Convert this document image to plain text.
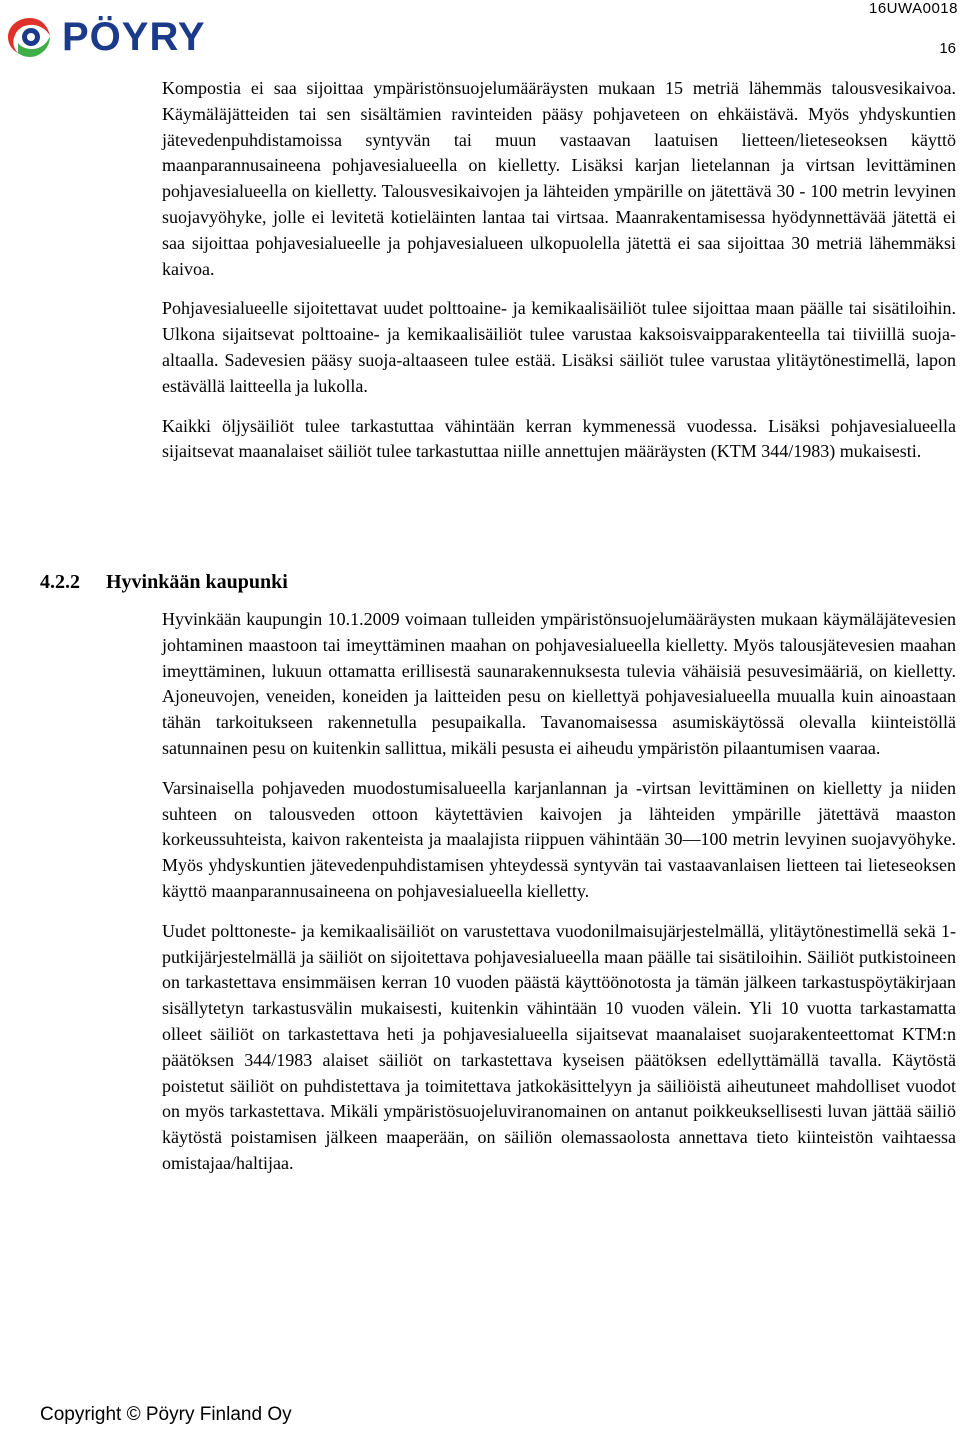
PÖYRY
16UWA0018
16

Kompostia ei saa sijoittaa ympäristönsuojelumääräysten mukaan 15 metriä lähemmäs talousvesikaivoa. Käymäläjätteiden tai sen sisältämien ravinteiden pääsy pohjaveteen on ehkäistävä. Myös yhdyskuntien jätevedenpuhdistamoissa syntyvän tai muun vastaavan laatuisen lietteen/lieteseoksen käyttö maanparannusaineena pohjavesialueella on kielletty. Lisäksi karjan lietelannan ja virtsan levittäminen pohjavesialueella on kielletty. Talousvesikaivojen ja lähteiden ympärille on jätettävä 30 - 100 metrin levyinen suojavyöhyke, jolle ei levitetä kotieläinten lantaa tai virtsaa. Maanrakentamisessa hyödynnettävää jätettä ei saa sijoittaa pohjavesialueelle ja pohjavesialueen ulkopuolella jätettä ei saa sijoittaa 30 metriä lähemmäksi kaivoa.

Pohjavesialueelle sijoitettavat uudet polttoaine- ja kemikaalisäiliöt tulee sijoittaa maan päälle tai sisätiloihin. Ulkona sijaitsevat polttoaine- ja kemikaalisäiliöt tulee varustaa kaksoisvaipparakenteella tai tiiviillä suoja-altaalla. Sadevesien pääsy suoja-altaaseen tulee estää. Lisäksi säiliöt tulee varustaa ylitäytönestimellä, lapon estävällä laitteella ja lukolla.

Kaikki öljysäiliöt tulee tarkastuttaa vähintään kerran kymmenessä vuodessa. Lisäksi pohjavesialueella sijaitsevat maanalaiset säiliöt tulee tarkastuttaa niille annettujen määräysten (KTM 344/1983) mukaisesti.

4.2.2	Hyvinkään kaupunki

Hyvinkään kaupungin 10.1.2009 voimaan tulleiden ympäristönsuojelumääräysten mukaan käymäläjätevesien johtaminen maastoon tai imeyttäminen maahan on pohjavesialueella kielletty. Myös talousjätevesien maahan imeyttäminen, lukuun ottamatta erillisestä saunarakennuksesta tulevia vähäisiä pesuvesimääriä, on kielletty. Ajoneuvojen, veneiden, koneiden ja laitteiden pesu on kiellettyä pohjavesialueella muualla kuin ainoastaan tähän tarkoitukseen rakennetulla pesupaikalla. Tavanomaisessa asumiskäytössä olevalla kiinteistöllä satunnainen pesu on kuitenkin sallittua, mikäli pesusta ei aiheudu ympäristön pilaantumisen vaaraa.

Varsinaisella pohjaveden muodostumisalueella karjanlannan ja -virtsan levittäminen on kielletty ja niiden suhteen on talousveden ottoon käytettävien kaivojen ja lähteiden ympärille jätettävä maaston korkeussuhteista, kaivon rakenteista ja maalajista riippuen vähintään 30—100 metrin levyinen suojavyöhyke. Myös yhdyskuntien jätevedenpuhdistamisen yhteydessä syntyvän tai vastaavanlaisen lietteen tai lieteseoksen käyttö maanparannusaineena on pohjavesialueella kielletty.

Uudet polttoneste- ja kemikaalisäiliöt on varustettava vuodonilmaisujärjestelmällä, ylitäytönestimellä sekä 1-putkijärjestelmällä ja säiliöt on sijoitettava pohjavesialueella maan päälle tai sisätiloihin. Säiliöt putkistoineen on tarkastettava ensimmäisen kerran 10 vuoden päästä käyttöönotosta ja tämän jälkeen tarkastuspöytäkirjaan sisällytetyn tarkastusvälin mukaisesti, kuitenkin vähintään 10 vuoden välein. Yli 10 vuotta tarkastamatta olleet säiliöt on tarkastettava heti ja pohjavesialueella sijaitsevat maanalaiset suojarakenteettomat KTM:n päätöksen 344/1983 alaiset säiliöt on tarkastettava kyseisen päätöksen edellyttämällä tavalla. Käytöstä poistetut säiliöt on puhdistettava ja toimitettava jatkokäsittelyyn ja säiliöistä aiheutuneet mahdolliset vuodot on myös tarkastettava. Mikäli ympäristösuojeluviranomainen on antanut poikkeuksellisesti luvan jättää säiliö käytöstä poistamisen jälkeen maaperään, on säiliön olemassaolosta annettava tieto kiinteistön vaihtaessa omistajaa/haltijaa.

Copyright © Pöyry Finland Oy
